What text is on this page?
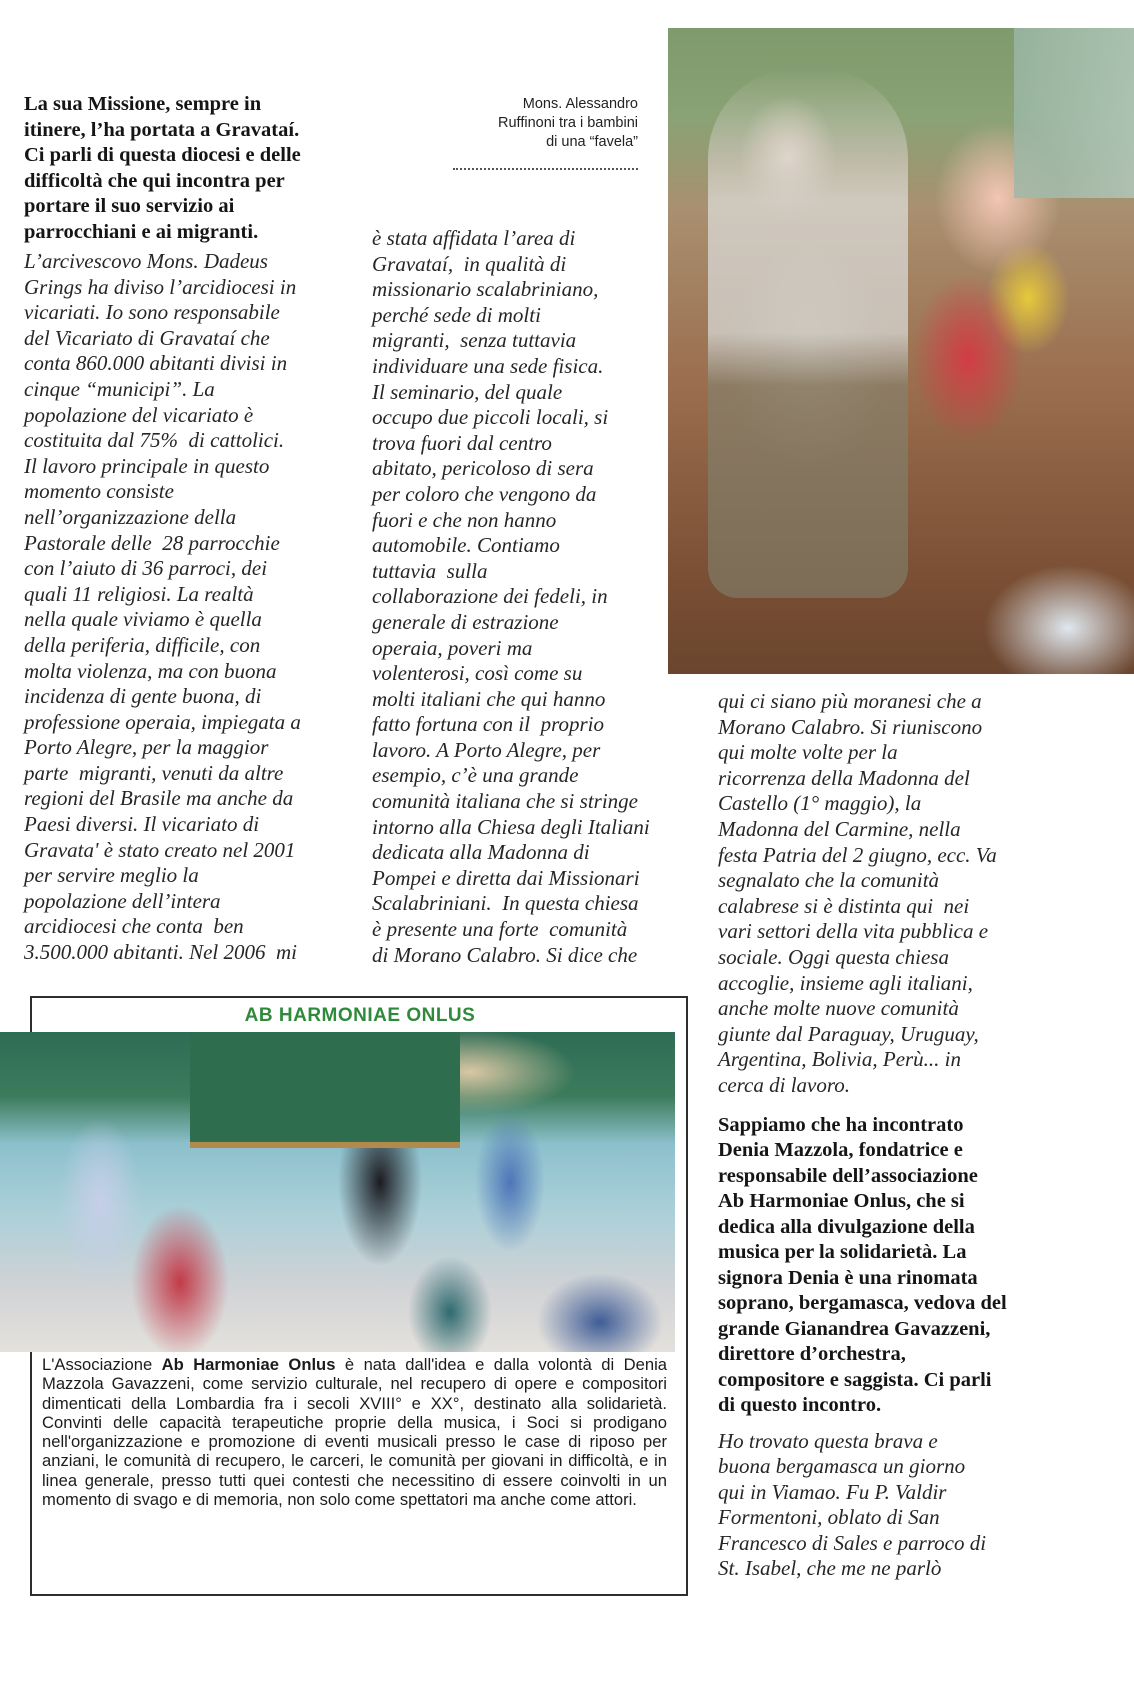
Mons. Alessandro
Ruffinoni tra i bambini
di una “favela”
La sua Missione, sempre in
itinere, l’ha portata a Gravataí.
Ci parli di questa diocesi e delle
difficoltà che qui incontra per
portare il suo servizio ai
parrocchiani e ai migranti.
L’arcivescovo Mons. Dadeus
Grings ha diviso l’arcidiocesi in
vicariati. Io sono responsabile
del Vicariato di Gravataí che
conta 860.000 abitanti divisi in
cinque “municipi”. La
popolazione del vicariato è
costituita dal 75%  di cattolici.
Il lavoro principale in questo
momento consiste
nell’organizzazione della
Pastorale delle  28 parrocchie
con l’aiuto di 36 parroci, dei
quali 11 religiosi. La realtà
nella quale viviamo è quella
della periferia, difficile, con
molta violenza, ma con buona
incidenza di gente buona, di
professione operaia, impiegata a
Porto Alegre, per la maggior
parte  migranti, venuti da altre
regioni del Brasile ma anche da
Paesi diversi. Il vicariato di
Gravata' è stato creato nel 2001
per servire meglio la
popolazione dell’intera
arcidiocesi che conta  ben
3.500.000 abitanti. Nel 2006  mi
è stata affidata l’area di
Gravataí,  in qualità di
missionario scalabriniano,
perché sede di molti
migranti,  senza tuttavia
individuare una sede fisica.
Il seminario, del quale
occupo due piccoli locali, si
trova fuori dal centro
abitato, pericoloso di sera
per coloro che vengono da
fuori e che non hanno
automobile. Contiamo
tuttavia  sulla
collaborazione dei fedeli, in
generale di estrazione
operaia, poveri ma
volenterosi, così come su
molti italiani che qui hanno
fatto fortuna con il  proprio
lavoro. A Porto Alegre, per
esempio, c’è una grande
comunità italiana che si stringe
intorno alla Chiesa degli Italiani
dedicata alla Madonna di
Pompei e diretta dai Missionari
Scalabriniani.  In questa chiesa
è presente una forte  comunità
di Morano Calabro. Si dice che
qui ci siano più moranesi che a
Morano Calabro. Si riuniscono
qui molte volte per la
ricorrenza della Madonna del
Castello (1° maggio), la
Madonna del Carmine, nella
festa Patria del 2 giugno, ecc. Va
segnalato che la comunità
calabrese si è distinta qui  nei
vari settori della vita pubblica e
sociale. Oggi questa chiesa
accoglie, insieme agli italiani,
anche molte nuove comunità
giunte dal Paraguay, Uruguay,
Argentina, Bolivia, Perù... in
cerca di lavoro.
Sappiamo che ha incontrato
Denia Mazzola, fondatrice e
responsabile dell’associazione
Ab Harmoniae Onlus, che si
dedica alla divulgazione della
musica per la solidarietà. La
signora Denia è una rinomata
soprano, bergamasca, vedova del
grande Gianandrea Gavazzeni,
direttore d’orchestra,
compositore e saggista. Ci parli
di questo incontro.
Ho trovato questa brava e
buona bergamasca un giorno
qui in Viamao. Fu P. Valdir
Formentoni, oblato di San
Francesco di Sales e parroco di
St. Isabel, che me ne parlò
AB HARMONIAE ONLUS

L'Associazione Ab Harmoniae Onlus è nata dall'idea e dalla volontà di Denia Mazzola Gavazzeni, come servizio culturale, nel recupero di opere e compositori dimenticati della Lombardia fra i secoli XVIII° e XX°, destinato alla solidarietà. Convinti delle capacità terapeutiche proprie della musica, i Soci si prodigano nell'organizzazione e promozione di eventi musicali presso le case di riposo per anziani, le comunità di recupero, le carceri, le comunità per giovani in difficoltà, e in linea generale, presso tutti quei contesti che necessitino di essere coinvolti in un momento di svago e di memoria, non solo come spettatori ma anche come attori.
